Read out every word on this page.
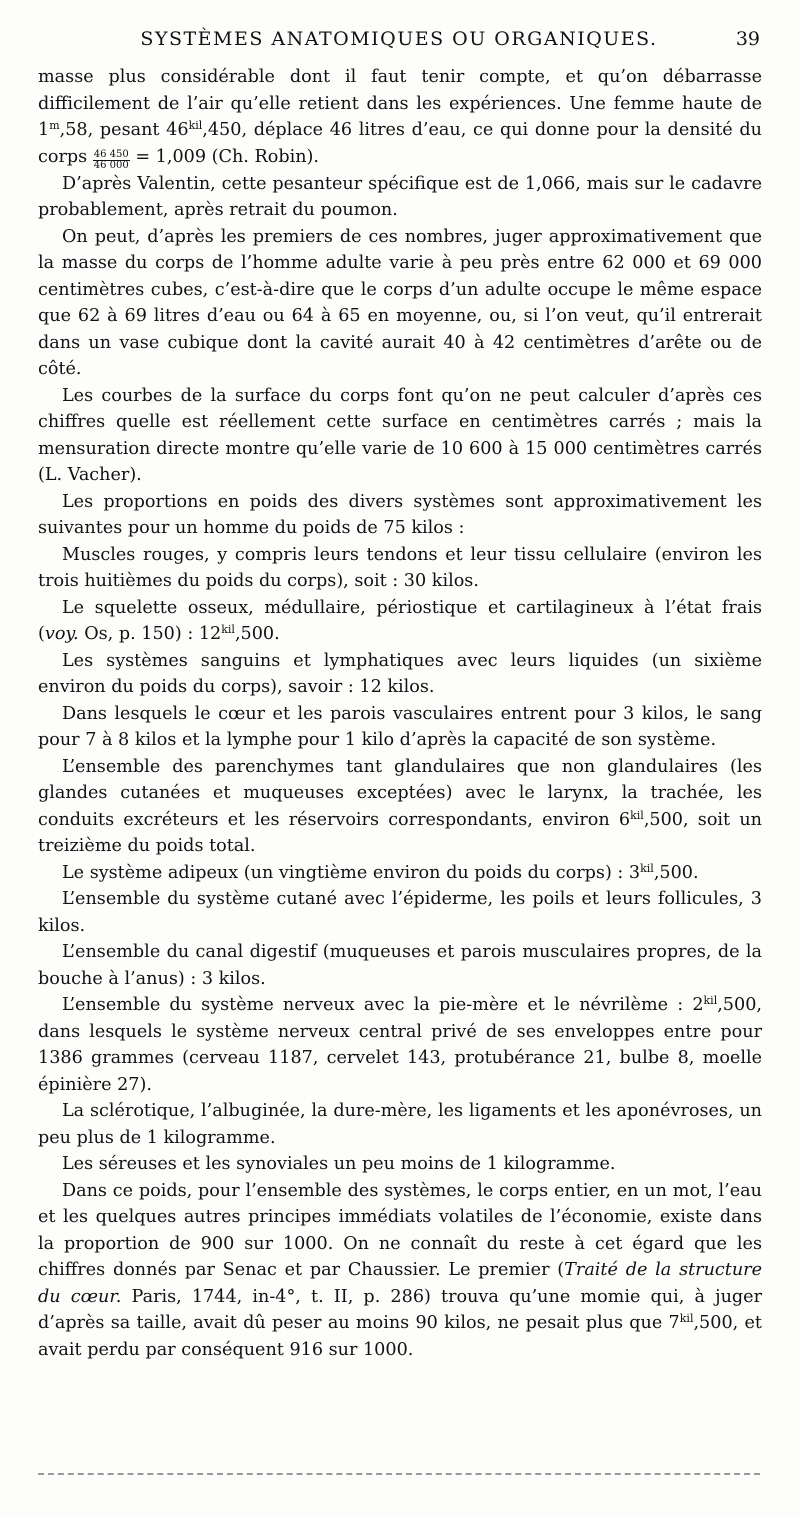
SYSTÈMES ANATOMIQUES OU ORGANIQUES.	39

masse plus considérable dont il faut tenir compte, et qu’on débarrasse difficilement de l’air qu’elle retient dans les expériences. Une femme haute de 1$^m$,58, pesant $46^{kil},450$, déplace 46 litres d’eau, ce qui donne pour la densité du corps $\frac{46 450}{46 000} = 1,009$ (Ch. Robin).

D’après Valentin, cette pesanteur spécifique est de 1,066, mais sur le cadavre probablement, après retrait du poumon.

On peut, d’après les premiers de ces nombres, juger approximativement que la masse du corps de l’homme adulte varie à peu près entre 62 000 et 69 000 centimètres cubes, c’est-à-dire que le corps d’un adulte occupe le même espace que 62 à 69 litres d’eau ou 64 à 65 en moyenne, ou, si l’on veut, qu’il entrerait dans un vase cubique dont la cavité aurait 40 à 42 centimètres d’arête ou de côté.

Les courbes de la surface du corps font qu’on ne peut calculer d’après ces chiffres quelle est réellement cette surface en centimètres carrés ; mais la mensuration directe montre qu’elle varie de 10 600 à 15 000 centimètres carrés (L. Vacher).

Les proportions en poids des divers systèmes sont approximativement les suivantes pour un homme du poids de 75 kilos :

Muscles rouges, y compris leurs tendons et leur tissu cellulaire (environ les trois huitièmes du poids du corps), soit : 30 kilos.

Le squelette osseux, médullaire, périostique et cartilagineux à l’état frais (voy. Os, p. 150) : $12^{kil},500$.

Les systèmes sanguins et lymphatiques avec leurs liquides (un sixième environ du poids du corps), savoir : 12 kilos.

Dans lesquels le cœur et les parois vasculaires entrent pour 3 kilos, le sang pour 7 à 8 kilos et la lymphe pour 1 kilo d’après la capacité de son système.

L’ensemble des parenchymes tant glandulaires que non glandulaires (les glandes cutanées et muqueuses exceptées) avec le larynx, la trachée, les conduits excréteurs et les réservoirs correspondants, environ $6^{kil},500$, soit un treizième du poids total.

Le système adipeux (un vingtième environ du poids du corps) : $3^{kil},500$.

L’ensemble du système cutané avec l’épiderme, les poils et leurs follicules, 3 kilos.

L’ensemble du canal digestif (muqueuses et parois musculaires propres, de la bouche à l’anus) : 3 kilos.

L’ensemble du système nerveux avec la pie-mère et le névrilème : $2^{kil},500$, dans lesquels le système nerveux central privé de ses enveloppes entre pour 1386 grammes (cerveau 1187, cervelet 143, protubérance 21, bulbe 8, moelle épinière 27).

La sclérotique, l’albuginée, la dure-mère, les ligaments et les aponévroses, un peu plus de 1 kilogramme.

Les séreuses et les synoviales un peu moins de 1 kilogramme.

Dans ce poids, pour l’ensemble des systèmes, le corps entier, en un mot, l’eau et les quelques autres principes immédiats volatiles de l’économie, existe dans la proportion de 900 sur 1000. On ne connaît du reste à cet égard que les chiffres donnés par Senac et par Chaussier. Le premier (Traité de la structure du cœur. Paris, 1744, in-4°, t. II, p. 286) trouva qu’une momie qui, à juger d’après sa taille, avait dû peser au moins 90 kilos, ne pesait plus que $7^{kil},500$, et avait perdu par conséquent 916 sur 1000.
